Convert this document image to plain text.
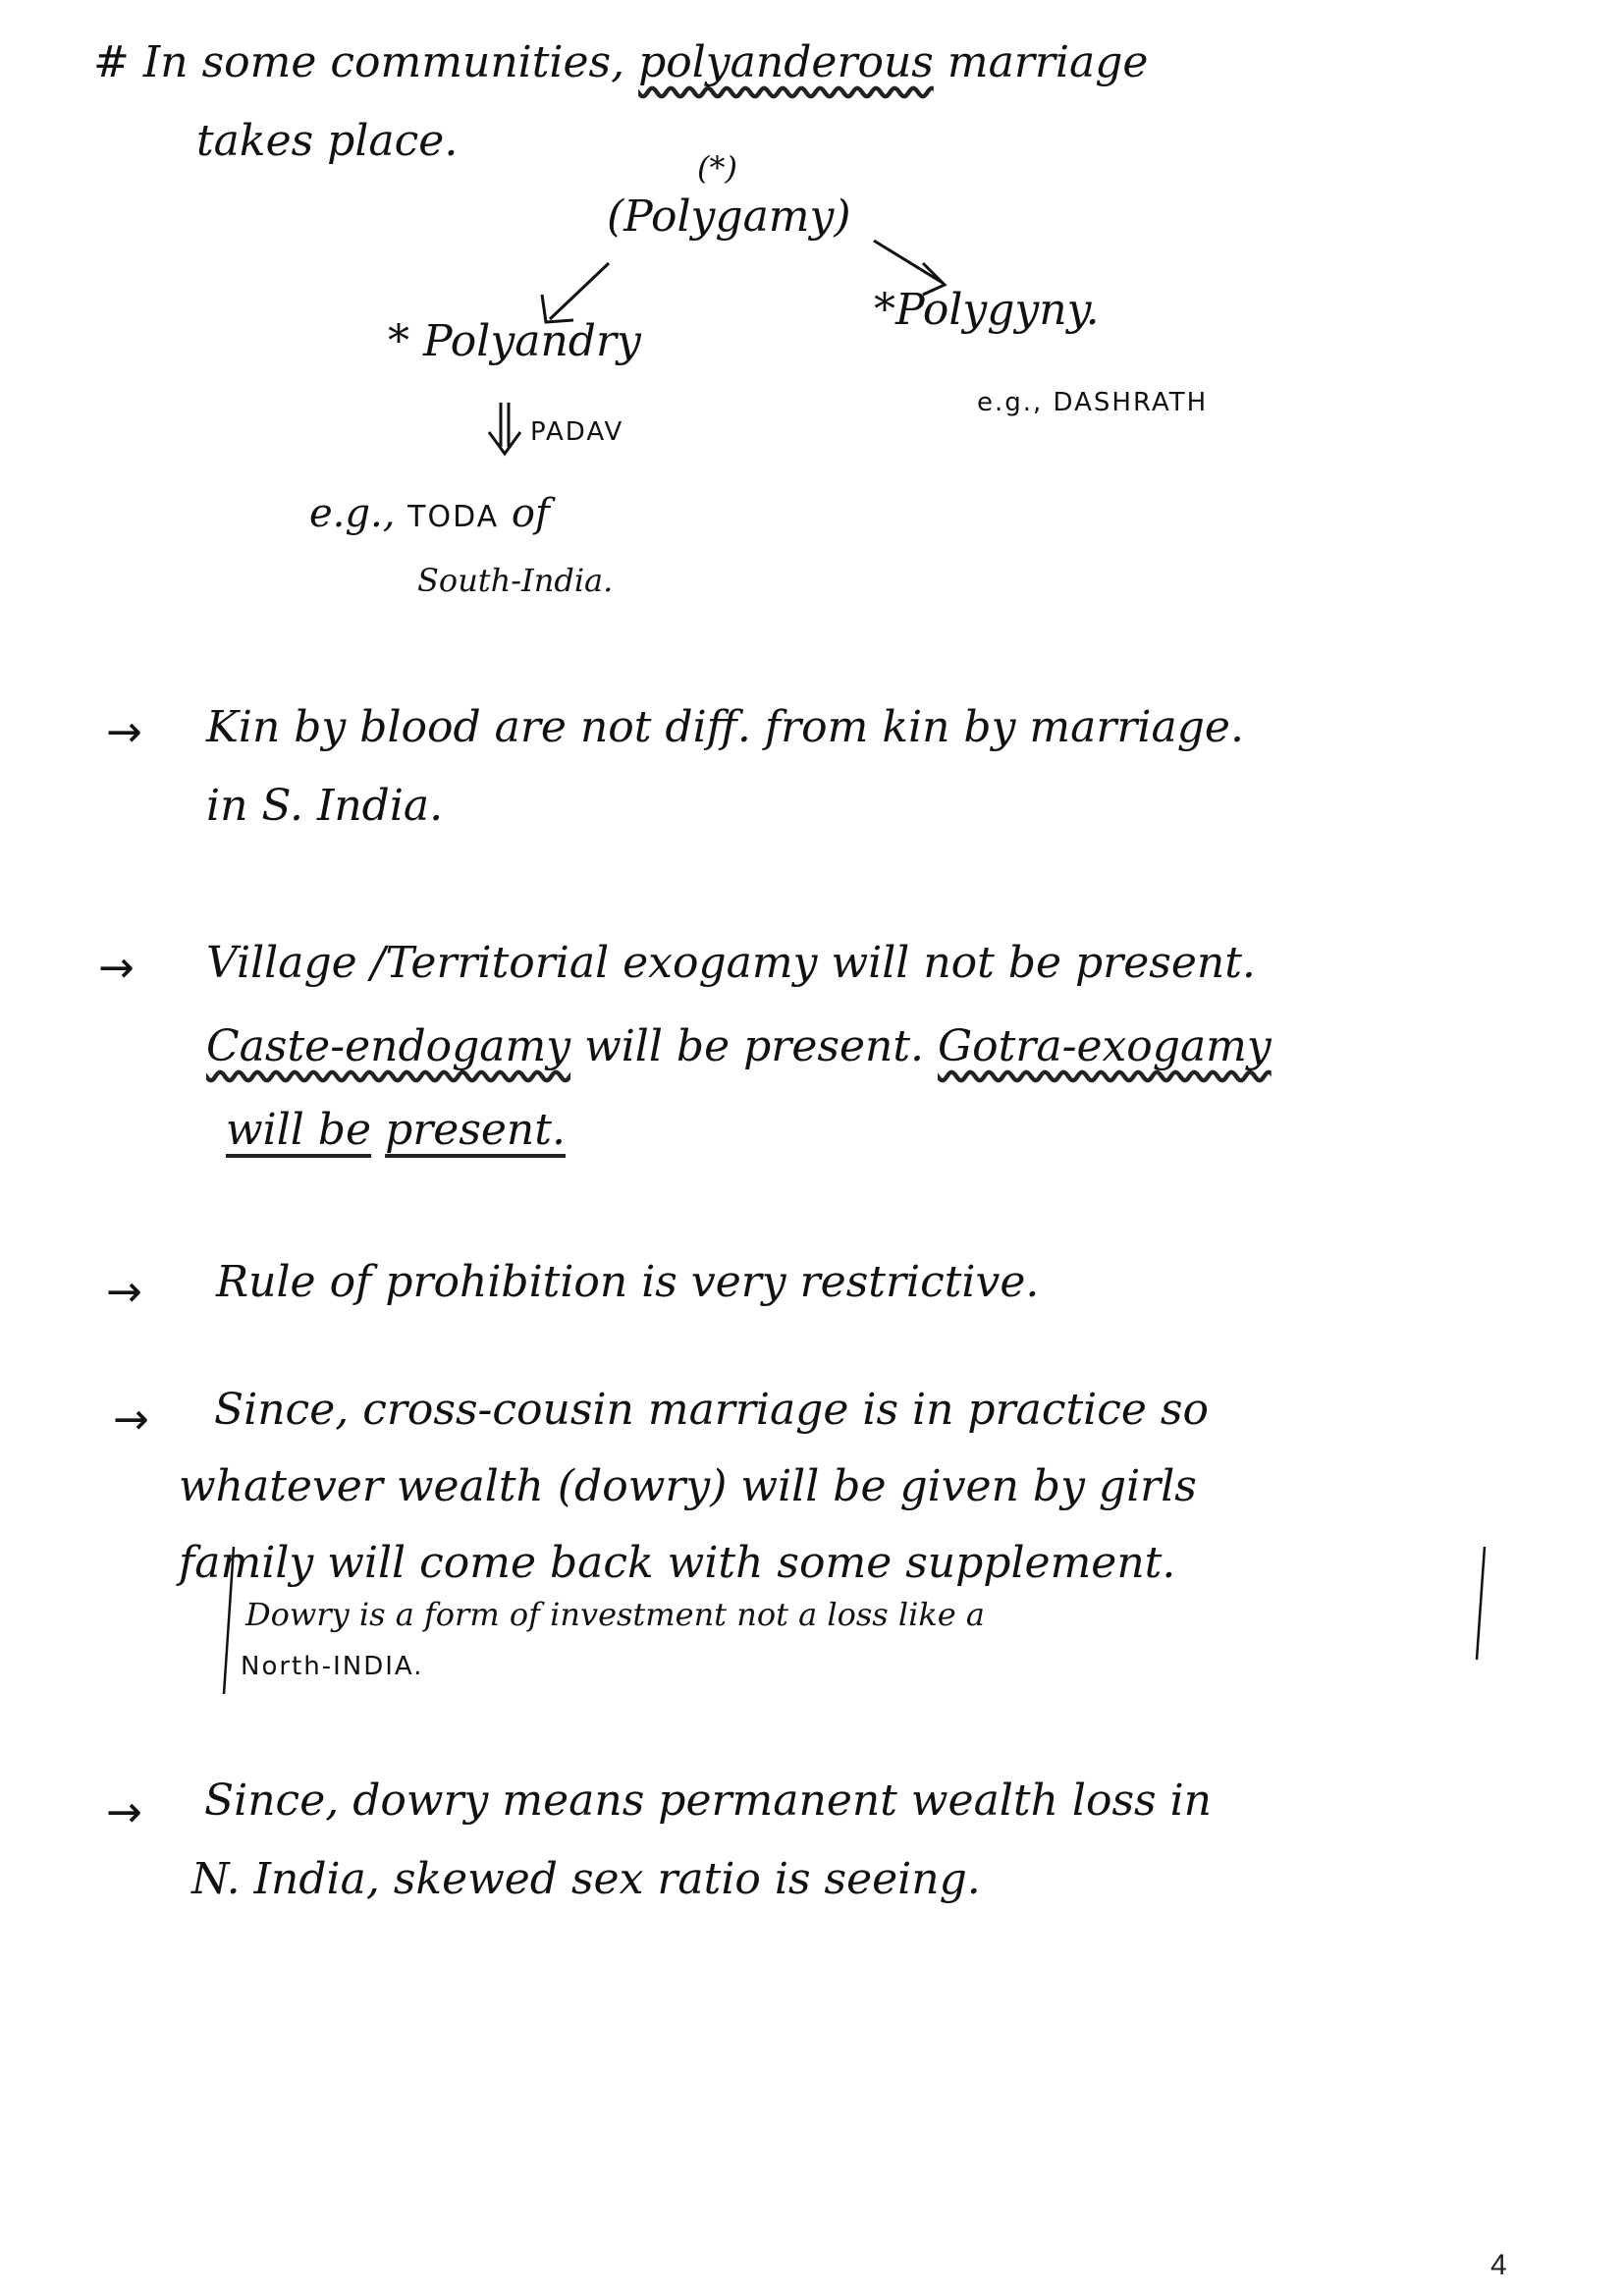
# In some communities, polyanderous marriage
takes place.
(*)
(Polygamy)
* Polyandry
*Polygyny.
PADAV
e.g., DASHRATH
e.g., TODA of
South-India.
→ Kin by blood are not diff. from kin by marriage.
in S. India.
→ Village /Territorial exogamy will not be present.
Caste-endogamy will be present. Gotra-exogamy
will be present.
→ Rule of prohibition is very restrictive.
→ Since, cross-cousin marriage is in practice so
whatever wealth (dowry) will be given by girls
family will come back with some supplement.
Dowry is a form of investment not a loss like a
North-INDIA.
→ Since, dowry means permanent wealth loss in
N. India, skewed sex ratio is seeing.
4
